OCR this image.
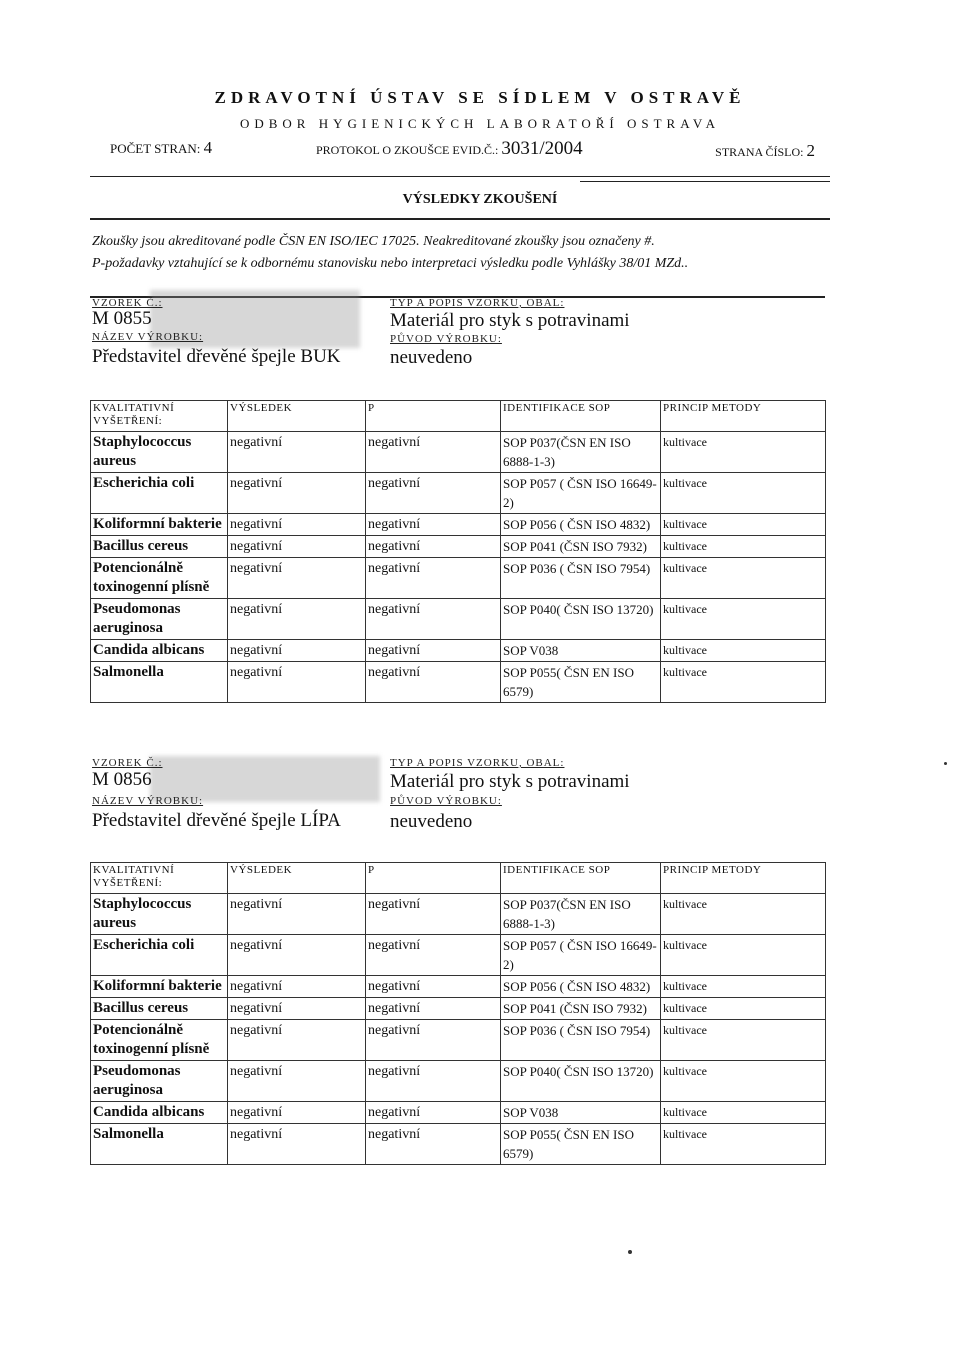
ZDRAVOTNÍ ÚSTAV SE SÍDLEM V OSTRAVĚ
ODBOR HYGIENICKÝCH LABORATOŘÍ OSTRAVA
POČET STRAN: 4	PROTOKOL O ZKOUŠCE EVID.Č.: 3031/2004	STRANA ČÍSLO: 2
VÝSLEDKY ZKOUŠENÍ
Zkoušky jsou akreditované podle ČSN EN ISO/IEC 17025. Neakreditované zkoušky jsou označeny #.
P-požadavky vztahující se k odbornému stanovisku nebo interpretaci výsledku podle Vyhlášky 38/01 MZd..
VZOREK Č.:
M 0855
NÁZEV VÝROBKU:
Představitel dřevěné špejle BUK
TYP A POPIS VZORKU, OBAL:
Materiál pro styk s potravinami
PŮVOD VÝROBKU:
neuvedeno
KVALITATIVNÍ VYŠETŘENÍ:	VÝSLEDEK	P	IDENTIFIKACE SOP	PRINCIP METODY
Staphylococcus aureus	negativní	negativní	SOP P037(ČSN EN ISO 6888-1-3)	kultivace
Escherichia coli	negativní	negativní	SOP P057 ( ČSN ISO 16649-2)	kultivace
Koliformní bakterie	negativní	negativní	SOP P056 ( ČSN ISO 4832)	kultivace
Bacillus cereus	negativní	negativní	SOP P041 (ČSN ISO 7932)	kultivace
Potencionálně toxinogenní plísně	negativní	negativní	SOP P036 ( ČSN ISO 7954)	kultivace
Pseudomonas aeruginosa	negativní	negativní	SOP P040( ČSN ISO 13720)	kultivace
Candida albicans	negativní	negativní	SOP V038	kultivace
Salmonella	negativní	negativní	SOP P055( ČSN EN ISO 6579)	kultivace
VZOREK Č.:
M 0856
NÁZEV VÝROBKU:
Představitel dřevěné špejle LÍPA
TYP A POPIS VZORKU, OBAL:
Materiál pro styk s potravinami
PŮVOD VÝROBKU:
neuvedeno
KVALITATIVNÍ VYŠETŘENÍ:	VÝSLEDEK	P	IDENTIFIKACE SOP	PRINCIP METODY
Staphylococcus aureus	negativní	negativní	SOP P037(ČSN EN ISO 6888-1-3)	kultivace
Escherichia coli	negativní	negativní	SOP P057 ( ČSN ISO 16649-2)	kultivace
Koliformní bakterie	negativní	negativní	SOP P056 ( ČSN ISO 4832)	kultivace
Bacillus cereus	negativní	negativní	SOP P041 (ČSN ISO 7932)	kultivace
Potencionálně toxinogenní plísně	negativní	negativní	SOP P036 ( ČSN ISO 7954)	kultivace
Pseudomonas aeruginosa	negativní	negativní	SOP P040( ČSN ISO 13720)	kultivace
Candida albicans	negativní	negativní	SOP V038	kultivace
Salmonella	negativní	negativní	SOP P055( ČSN EN ISO 6579)	kultivace
